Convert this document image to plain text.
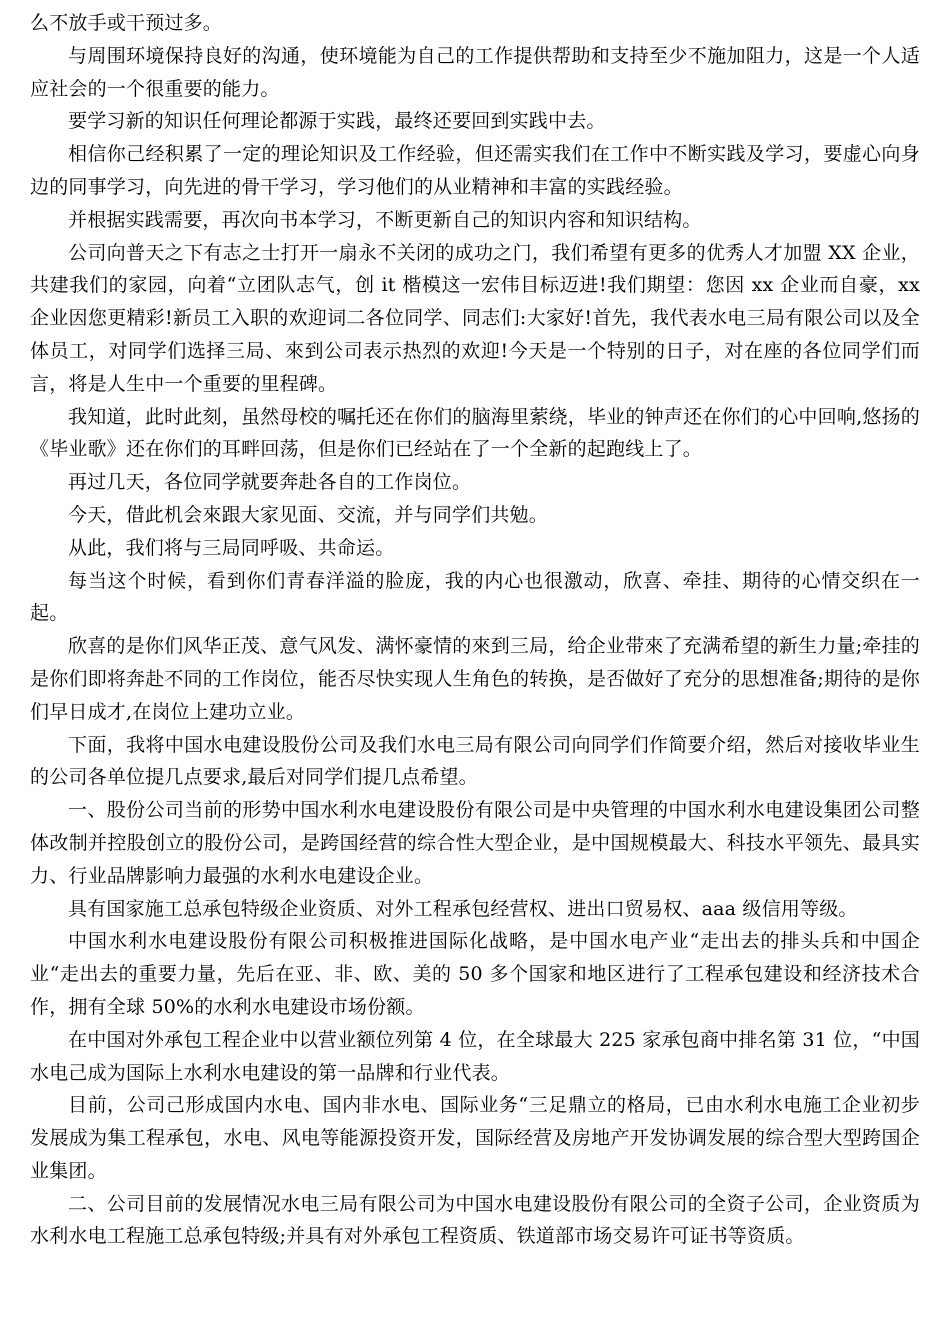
么不放手或干预过多。

与周围环境保持良好的沟通，使环境能为自己的工作提供帮助和支持至少不施加阻力，这是一个人适应社会的一个很重要的能力。

要学习新的知识任何理论都源于实践，最终还要回到实践中去。

相信你己经积累了一定的理论知识及工作经验，但还需实我们在工作中不断实践及学习，要虚心向身边的同事学习，向先进的骨干学习，学习他们的从业精神和丰富的实践经验。

并根据实践需要，再次向书本学习，不断更新自己的知识内容和知识结构。

公司向普天之下有志之士打开一扇永不关闭的成功之门，我们希望有更多的优秀人才加盟 XX 企业，共建我们的家园，向着“立团队志气，创 it 楷模这一宏伟目标迈进!我们期望：您因 xx 企业而自豪，xx 企业因您更精彩!新员工入职的欢迎词二各位同学、同志们:大家好!首先，我代表水电三局有限公司以及全体员工，对同学们选择三局、來到公司表示热烈的欢迎!今天是一个特别的日子，对在座的各位同学们而言，将是人生中一个重要的里程碑。

我知道，此时此刻，虽然母校的嘱托还在你们的脑海里萦绕，毕业的钟声还在你们的心中回响,悠扬的《毕业歌》还在你们的耳畔回荡，但是你们已经站在了一个全新的起跑线上了。

再过几天，各位同学就要奔赴各自的工作岗位。

今天，借此机会來跟大家见面、交流，并与同学们共勉。

从此，我们将与三局同呼吸、共命运。

每当这个时候，看到你们青春洋溢的脸庞，我的内心也很激动，欣喜、牵挂、期待的心情交织在一起。

欣喜的是你们风华正茂、意气风发、满怀豪情的來到三局，给企业带來了充满希望的新生力量;牵挂的是你们即将奔赴不同的工作岗位，能否尽快实现人生角色的转换，是否做好了充分的思想准备;期待的是你们早日成才,在岗位上建功立业。

下面，我将中国水电建设股份公司及我们水电三局有限公司向同学们作简要介绍，然后对接收毕业生的公司各单位提几点要求,最后对同学们提几点希望。

一、股份公司当前的形势中国水利水电建设股份有限公司是中央管理的中国水利水电建设集团公司整体改制并控股创立的股份公司，是跨国经营的综合性大型企业，是中国规模最大、科技水平领先、最具实力、行业品牌影响力最强的水利水电建设企业。

具有国家施工总承包特级企业资质、对外工程承包经营权、进出口贸易权、aaa 级信用等级。

中国水利水电建设股份有限公司积极推进国际化战略，是中国水电产业“走出去的排头兵和中国企业“走出去的重要力量，先后在亚、非、欧、美的 50 多个国家和地区进行了工程承包建设和经济技术合作，拥有全球 50%的水利水电建设市场份额。

在中国对外承包工程企业中以营业额位列第 4 位，在全球最大 225 家承包商中排名第 31 位，“中国水电己成为国际上水利水电建设的第一品牌和行业代表。

目前，公司己形成国内水电、国内非水电、国际业务“三足鼎立的格局，已由水利水电施工企业初步发展成为集工程承包，水电、风电等能源投资开发，国际经营及房地产开发协调发展的综合型大型跨国企业集团。

二、公司目前的发展情况水电三局有限公司为中国水电建设股份有限公司的全资子公司，企业资质为水利水电工程施工总承包特级;并具有对外承包工程资质、铁道部市场交易许可证书等资质。
